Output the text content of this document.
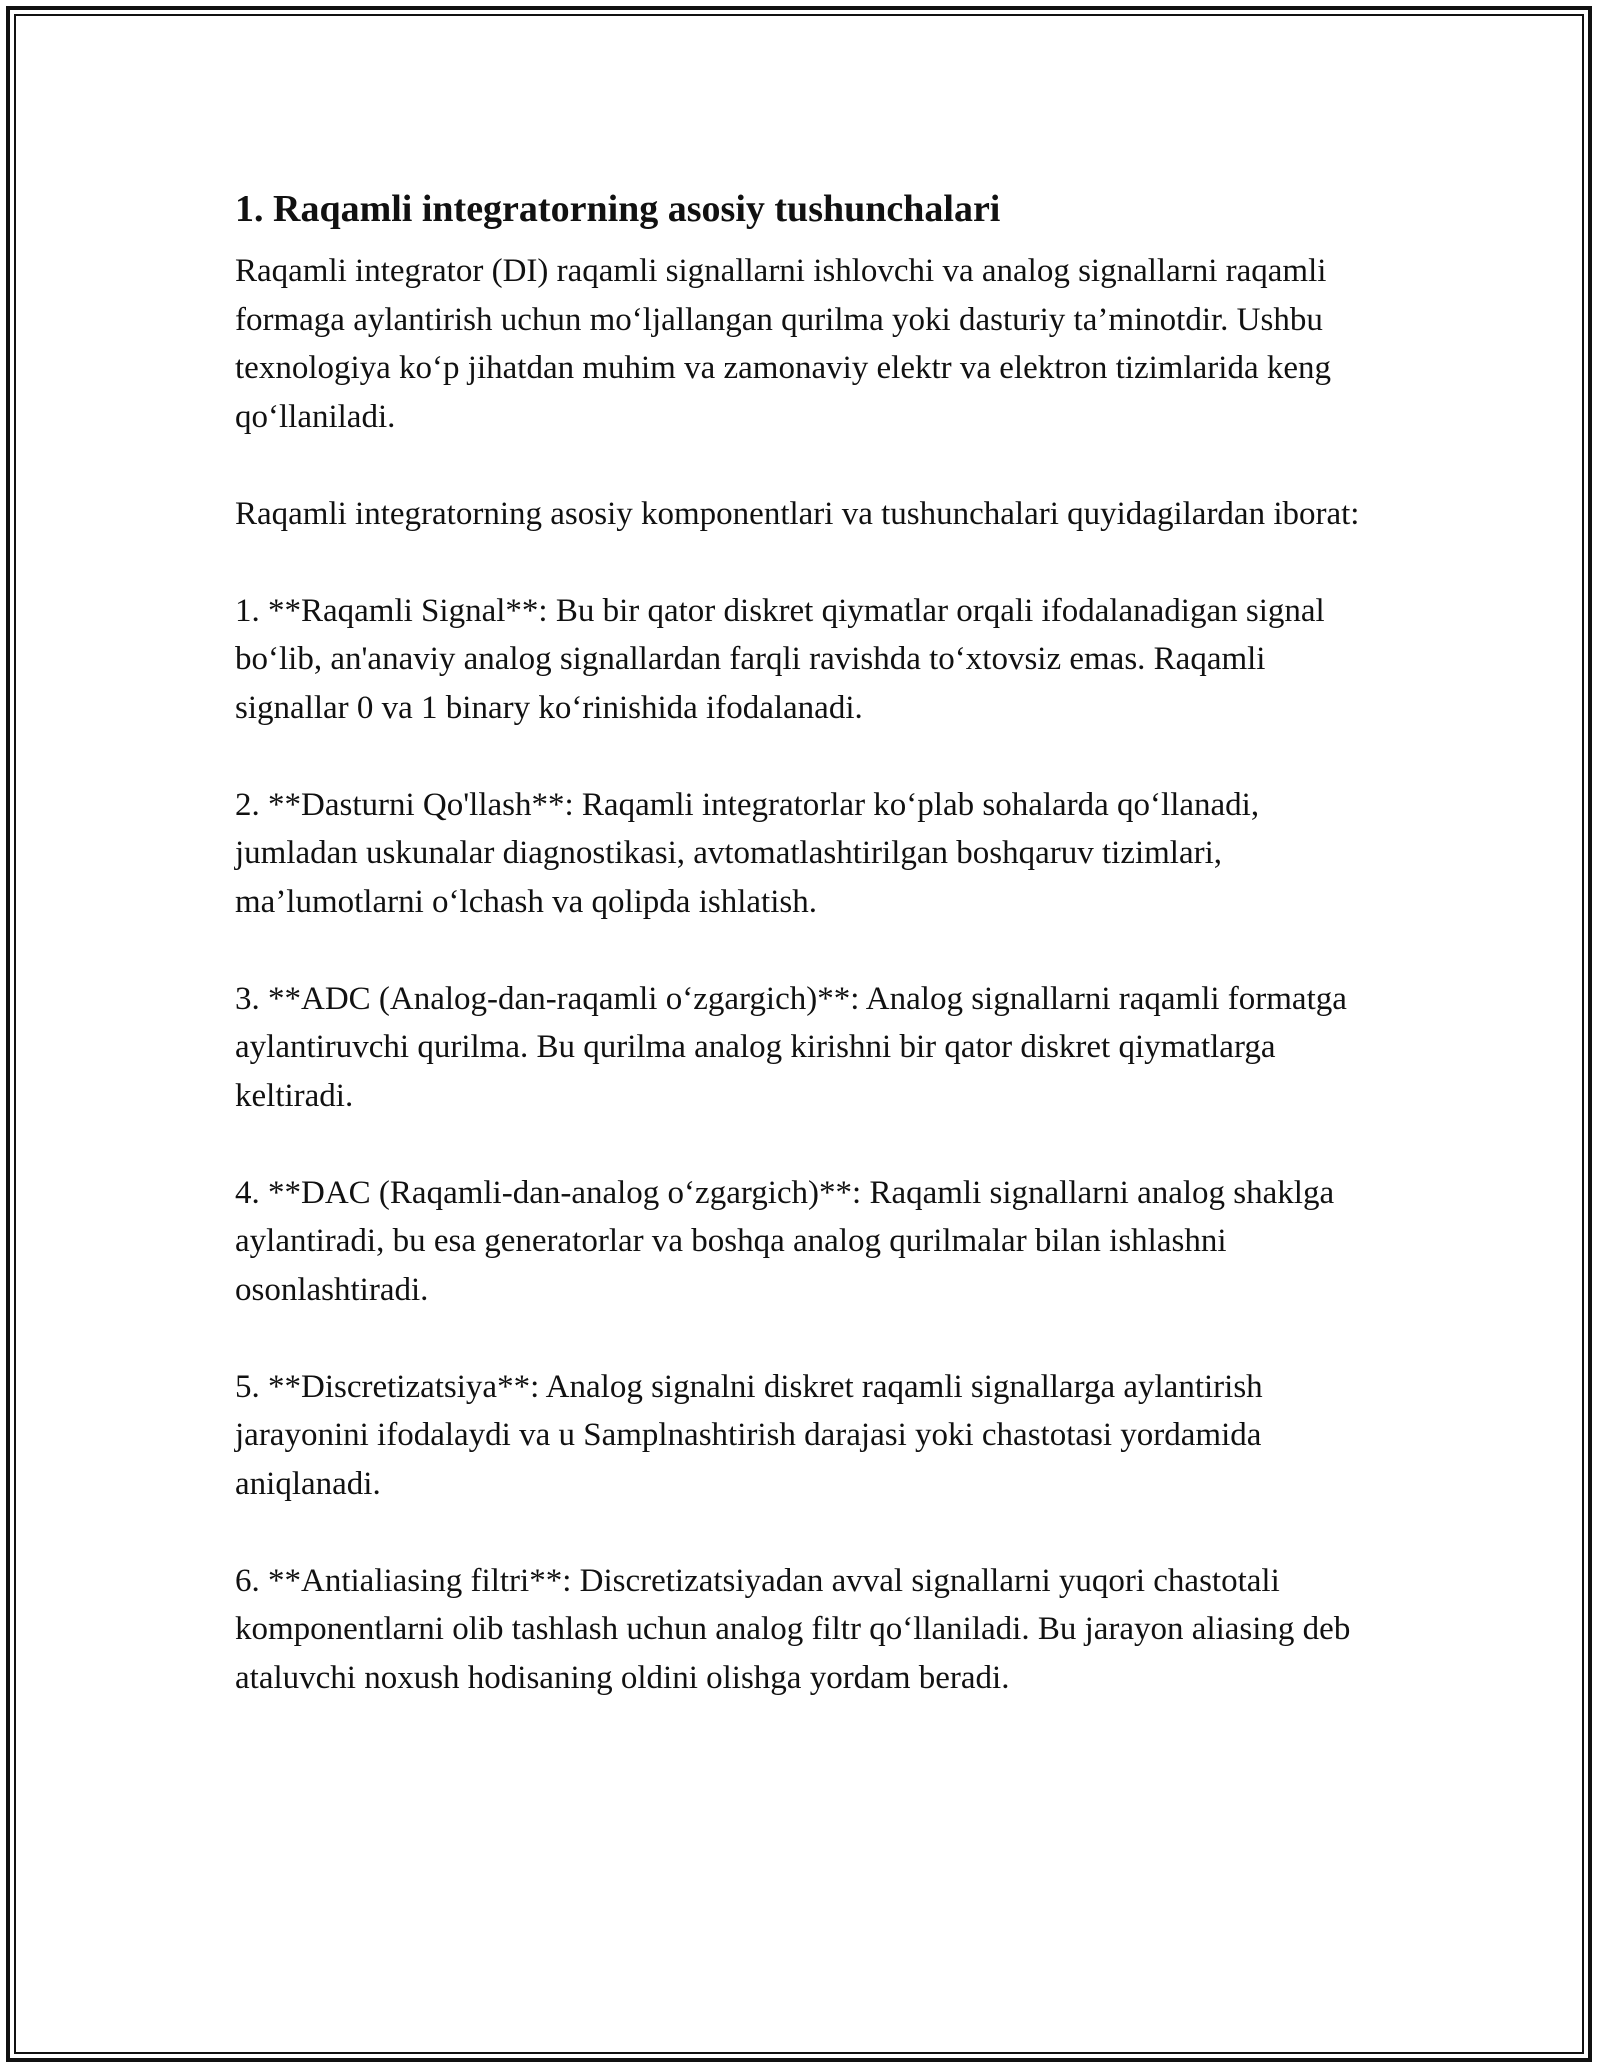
1. Raqamli integratorning asosiy tushunchalari

Raqamli integrator (DI) raqamli signallarni ishlovchi va analog signallarni raqamli formaga aylantirish uchun mo‘ljallangan qurilma yoki dasturiy ta’minotdir. Ushbu texnologiya ko‘p jihatdan muhim va zamonaviy elektr va elektron tizimlarida keng qo‘llaniladi.

Raqamli integratorning asosiy komponentlari va tushunchalari quyidagilardan iborat:

1. **Raqamli Signal**: Bu bir qator diskret qiymatlar orqali ifodalanadigan signal bo‘lib, an'anaviy analog signallardan farqli ravishda to‘xtovsiz emas. Raqamli signallar 0 va 1 binary ko‘rinishida ifodalanadi.

2. **Dasturni Qo'llash**: Raqamli integratorlar ko‘plab sohalarda qo‘llanadi, jumladan uskunalar diagnostikasi, avtomatlashtirilgan boshqaruv tizimlari, ma’lumotlarni o‘lchash va qolipda ishlatish.

3. **ADC (Analog-dan-raqamli o‘zgargich)**: Analog signallarni raqamli formatga aylantiruvchi qurilma. Bu qurilma analog kirishni bir qator diskret qiymatlarga keltiradi.

4. **DAC (Raqamli-dan-analog o‘zgargich)**: Raqamli signallarni analog shaklga aylantiradi, bu esa generatorlar va boshqa analog qurilmalar bilan ishlashni osonlashtiradi.

5. **Discretizatsiya**: Analog signalni diskret raqamli signallarga aylantirish jarayonini ifodalaydi va u Samplnashtirish darajasi yoki chastotasi yordamida aniqlanadi.

6. **Antialiasing filtri**: Discretizatsiyadan avval signallarni yuqori chastotali komponentlarni olib tashlash uchun analog filtr qo‘llaniladi. Bu jarayon aliasing deb ataluvchi noxush hodisaning oldini olishga yordam beradi.
